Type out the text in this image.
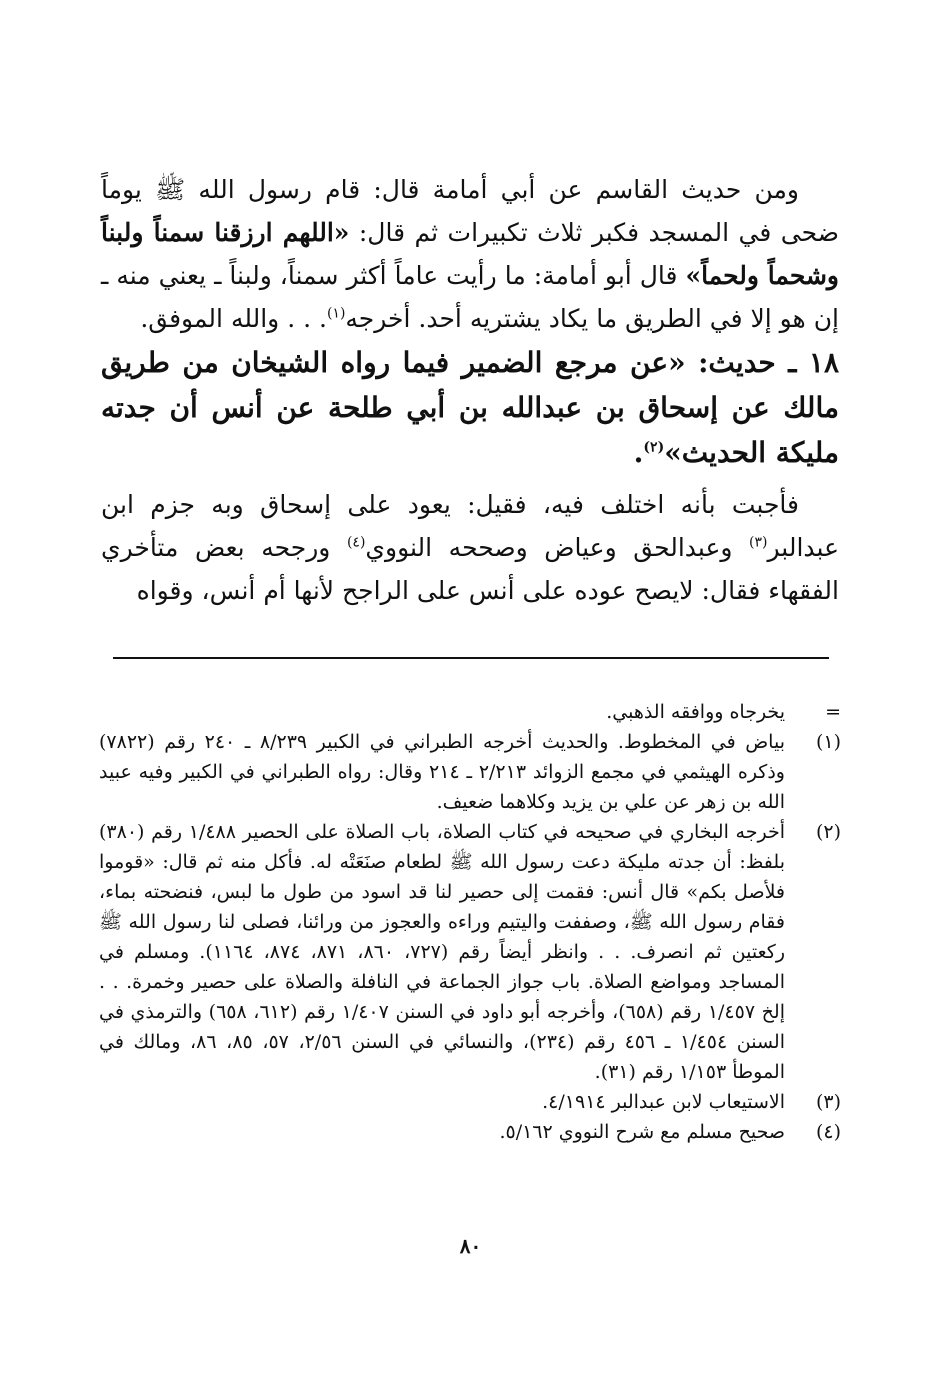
ومن حديث القاسم عن أبي أمامة قال: قام رسول الله ﷺ يوماً ضحى في المسجد فكبر ثلاث تكبيرات ثم قال: «اللهم ارزقنا سمناً ولبناً وشحماً ولحماً» قال أبو أمامة: ما رأيت عاماً أكثر سمناً، ولبناً ـ يعني منه ـ إن هو إلا في الطريق ما يكاد يشتريه أحد. أخرجه$^{(١)}$. . . والله الموفق.

١٨ ـ حديث: «عن مرجع الضمير فيما رواه الشيخان من طريق مالك عن إسحاق بن عبدالله بن أبي طلحة عن أنس أن جدته مليكة الحديث»$^{(٢)}$.

فأجبت بأنه اختلف فيه، فقيل: يعود على إسحاق وبه جزم ابن عبدالبر$^{(٣)}$ وعبدالحق وعياض وصححه النووي$^{(٤)}$ ورجحه بعض متأخري الفقهاء فقال: لايصح عوده على أنس على الراجح لأنها أم أنس، وقواه

=
يخرجاه ووافقه الذهبي.
(١)
بياض في المخطوط. والحديث أخرجه الطبراني في الكبير ٨/٢٣٩ ـ ٢٤٠ رقم (٧٨٢٢) وذكره الهيثمي في مجمع الزوائد ٢/٢١٣ ـ ٢١٤ وقال: رواه الطبراني في الكبير وفيه عبيد الله بن زهر عن علي بن يزيد وكلاهما ضعيف.
(٢)
أخرجه البخاري في صحيحه في كتاب الصلاة، باب الصلاة على الحصير ١/٤٨٨ رقم (٣٨٠) بلفظ: أن جدته مليكة دعت رسول الله ﷺ لطعام صنَعَتْه له. فأكل منه ثم قال: «قوموا فلأصل بكم» قال أنس: فقمت إلى حصير لنا قد اسود من طول ما لبس، فنضحته بماء، فقام رسول الله ﷺ، وصففت واليتيم وراءه والعجوز من ورائنا، فصلى لنا رسول الله ﷺ ركعتين ثم انصرف. . . وانظر أيضاً رقم (٧٢٧، ٨٦٠، ٨٧١، ٨٧٤، ١١٦٤). ومسلم في المساجد ومواضع الصلاة. باب جواز الجماعة في النافلة والصلاة على حصير وخمرة. . . إلخ ١/٤٥٧ رقم (٦٥٨)، وأخرجه أبو داود في السنن ١/٤٠٧ رقم (٦١٢، ٦٥٨) والترمذي في السنن ١/٤٥٤ ـ ٤٥٦ رقم (٢٣٤)، والنسائي في السنن ٢/٥٦، ٥٧، ٨٥، ٨٦، ومالك في الموطأ ١/١٥٣ رقم (٣١).
(٣)
الاستيعاب لابن عبدالبر ٤/١٩١٤.
(٤)
صحيح مسلم مع شرح النووي ٥/١٦٢.
٨٠
